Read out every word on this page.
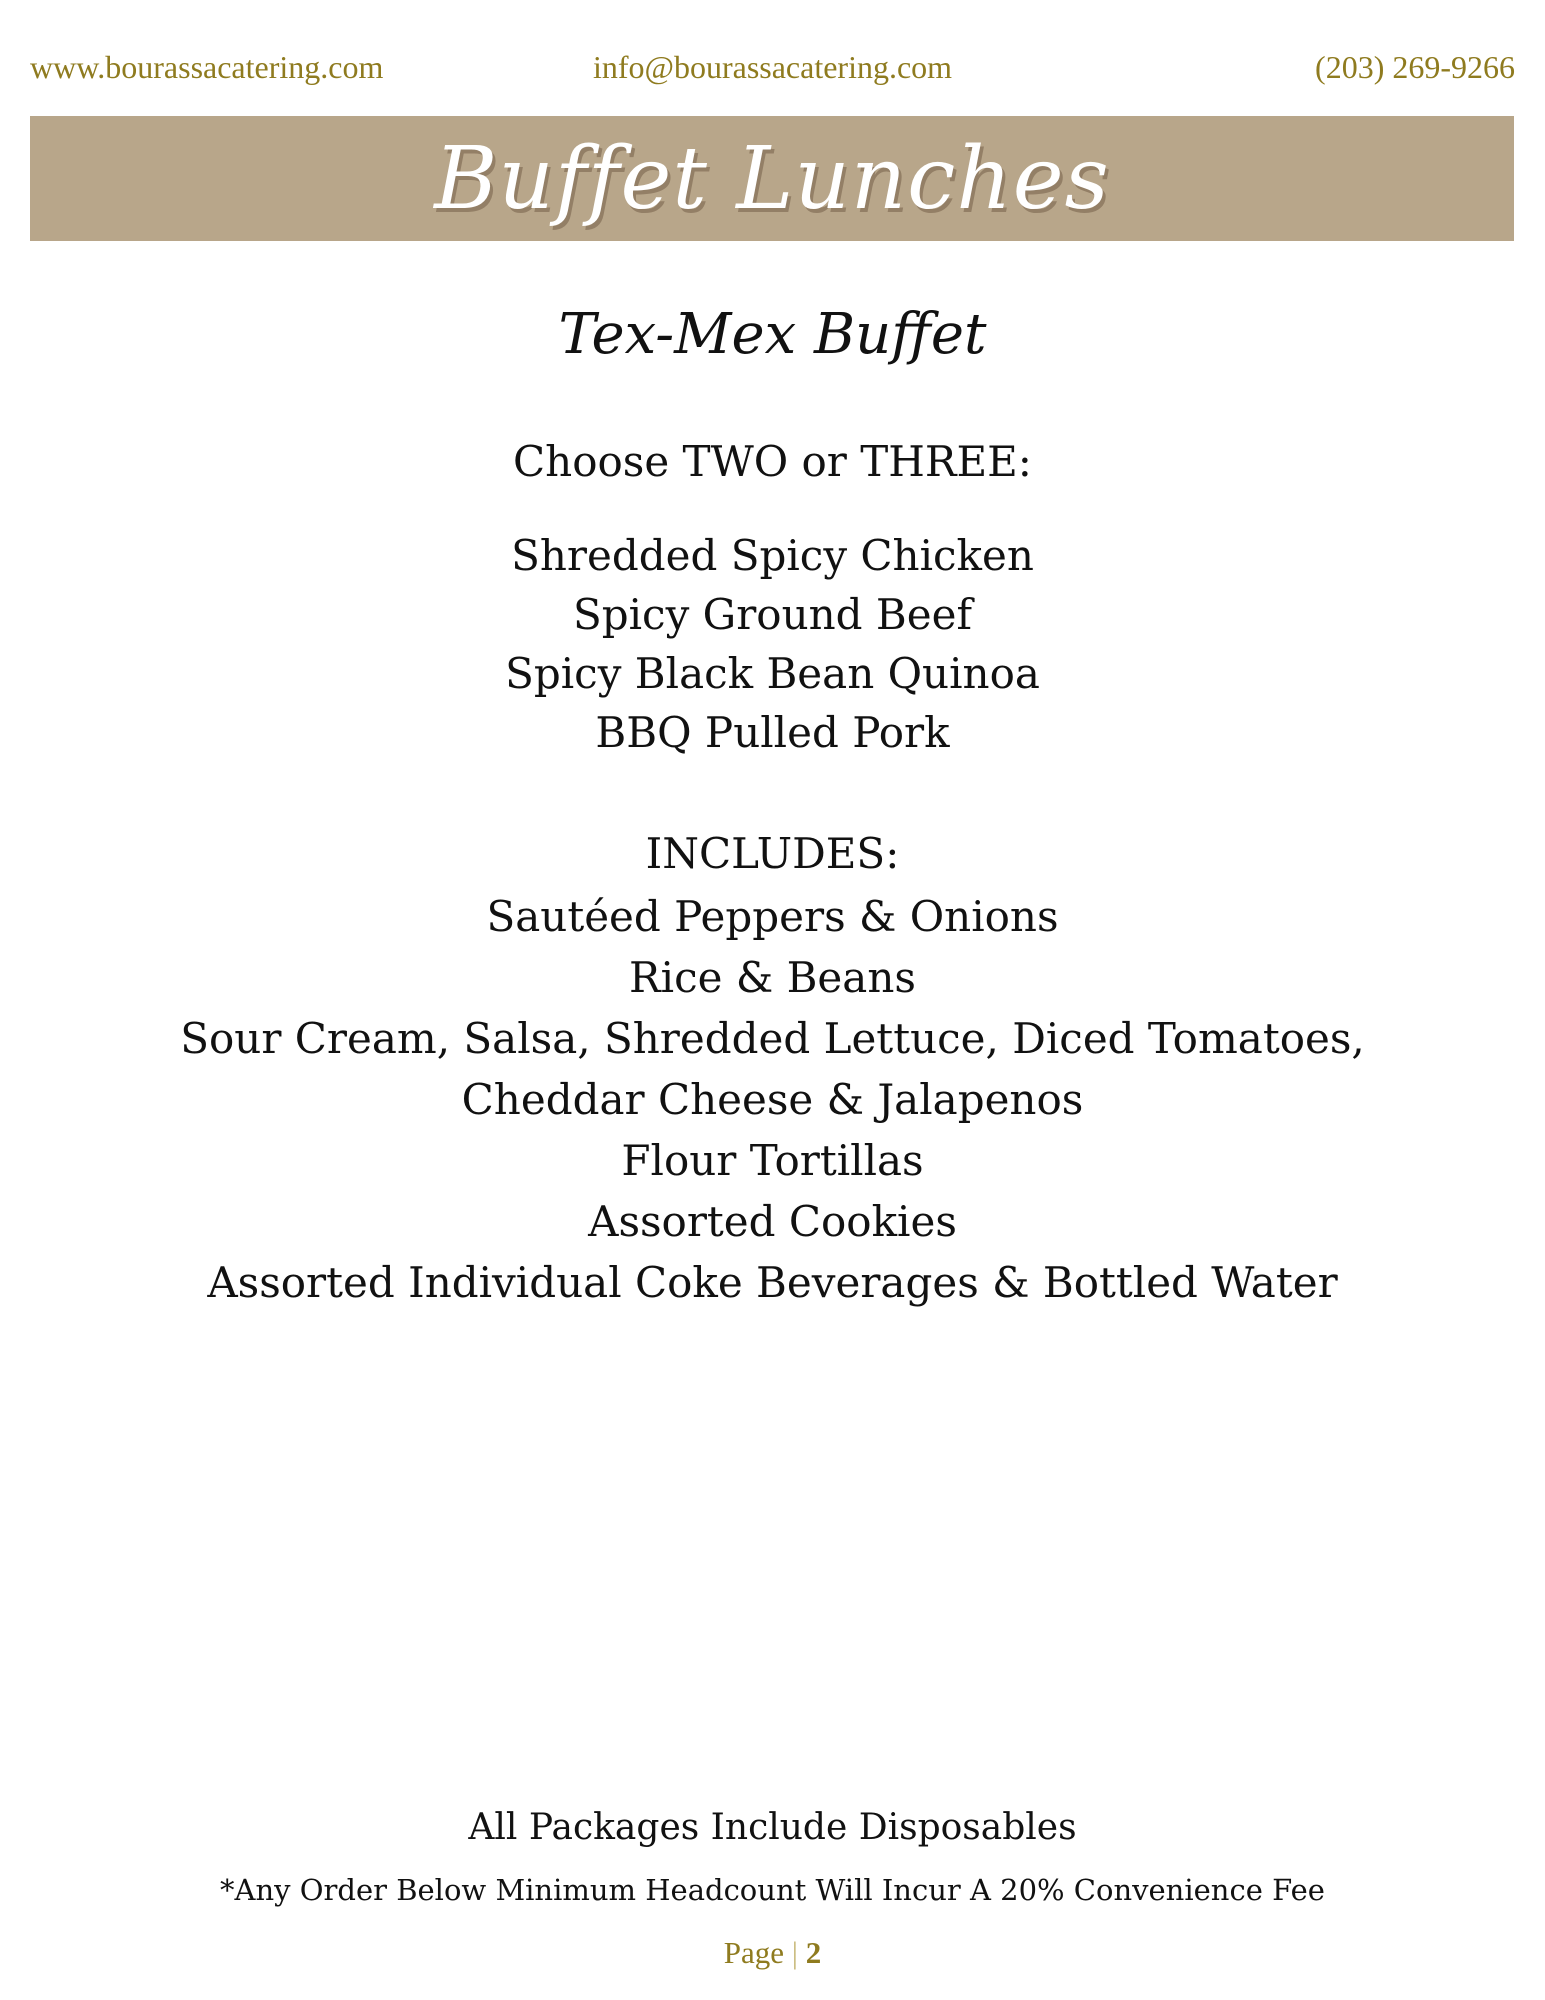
www.bourassacatering.com	info@bourassacatering.com	(203) 269-9266
Buffet Lunches
Tex-Mex Buffet
Choose TWO or THREE:
Shredded Spicy Chicken
Spicy Ground Beef
Spicy Black Bean Quinoa
BBQ Pulled Pork
INCLUDES:
Sautéed Peppers & Onions
Rice & Beans
Sour Cream, Salsa, Shredded Lettuce, Diced Tomatoes,
Cheddar Cheese & Jalapenos
Flour Tortillas
Assorted Cookies
Assorted Individual Coke Beverages & Bottled Water
All Packages Include Disposables
*Any Order Below Minimum Headcount Will Incur A 20% Convenience Fee
Page | 2
